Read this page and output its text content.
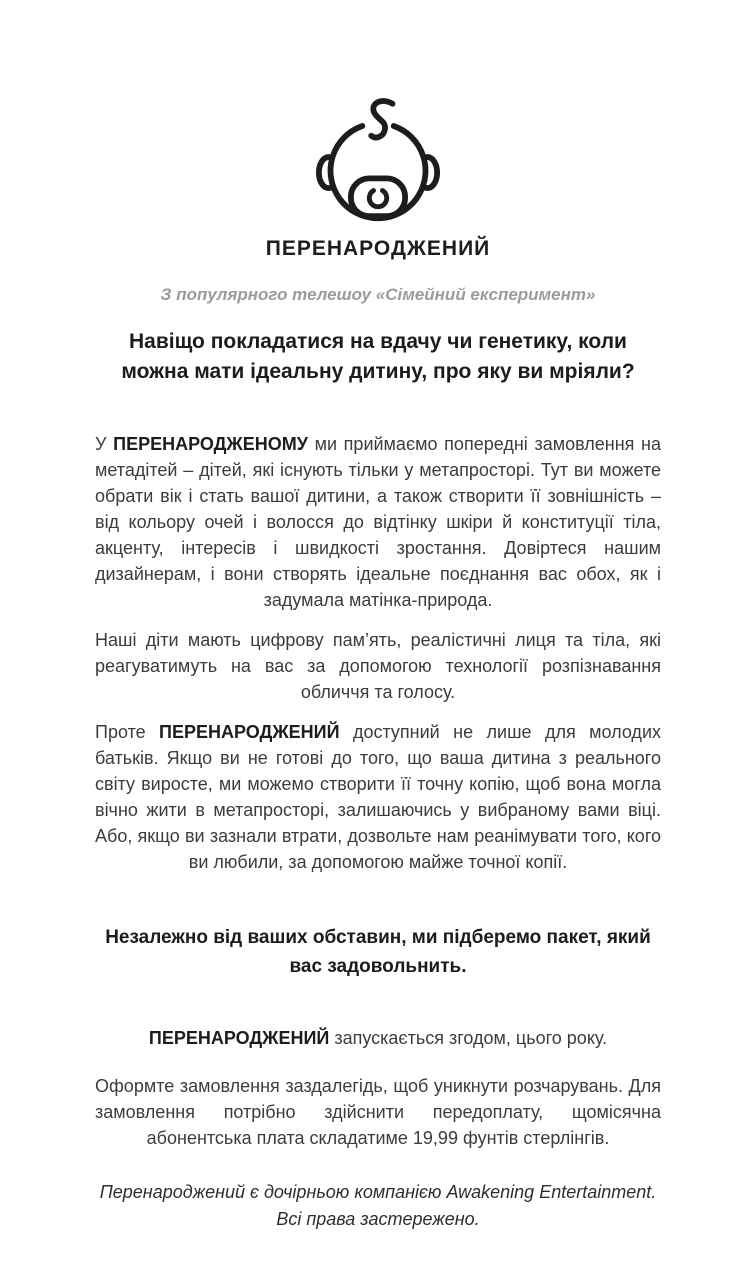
ПЕРЕНАРОДЖЕНИЙ
З популярного телешоу «Сімейний експеримент»
Навіщо покладатися на вдачу чи генетику, коли можна мати ідеальну дитину, про яку ви мріяли?

У ПЕРЕНАРОДЖЕНОМУ ми приймаємо попередні замовлення на метадітей – дітей, які існують тільки у метапросторі. Тут ви можете обрати вік і стать вашої дитини, а також створити її зовнішність – від кольору очей і волосся до відтінку шкіри й конституції тіла, акценту, інтересів і швидкості зростання. Довіртеся нашим дизайнерам, і вони створять ідеальне поєднання вас обох, як і задумала матінка-природа.

Наші діти мають цифрову пам’ять, реалістичні лиця та тіла, які реагуватимуть на вас за допомогою технології розпізнавання обличчя та голосу.

Проте ПЕРЕНАРОДЖЕНИЙ доступний не лише для молодих батьків. Якщо ви не готові до того, що ваша дитина з реального світу виросте, ми можемо створити її точну копію, щоб вона могла вічно жити в метапросторі, залишаючись у вибраному вами віці. Або, якщо ви зазнали втрати, дозвольте нам реанімувати того, кого ви любили, за допомогою майже точної копії.

Незалежно від ваших обставин, ми підберемо пакет, який вас задовольнить.
ПЕРЕНАРОДЖЕНИЙ запускається згодом, цього року.

Оформте замовлення заздалегідь, щоб уникнути розчарувань. Для замовлення потрібно здійснити передоплату, щомісячна абонентська плата складатиме 19,99 фунтів стерлінгів.

Перенароджений є дочірньою компанією Awakening Entertainment.
Всі права застережено.
